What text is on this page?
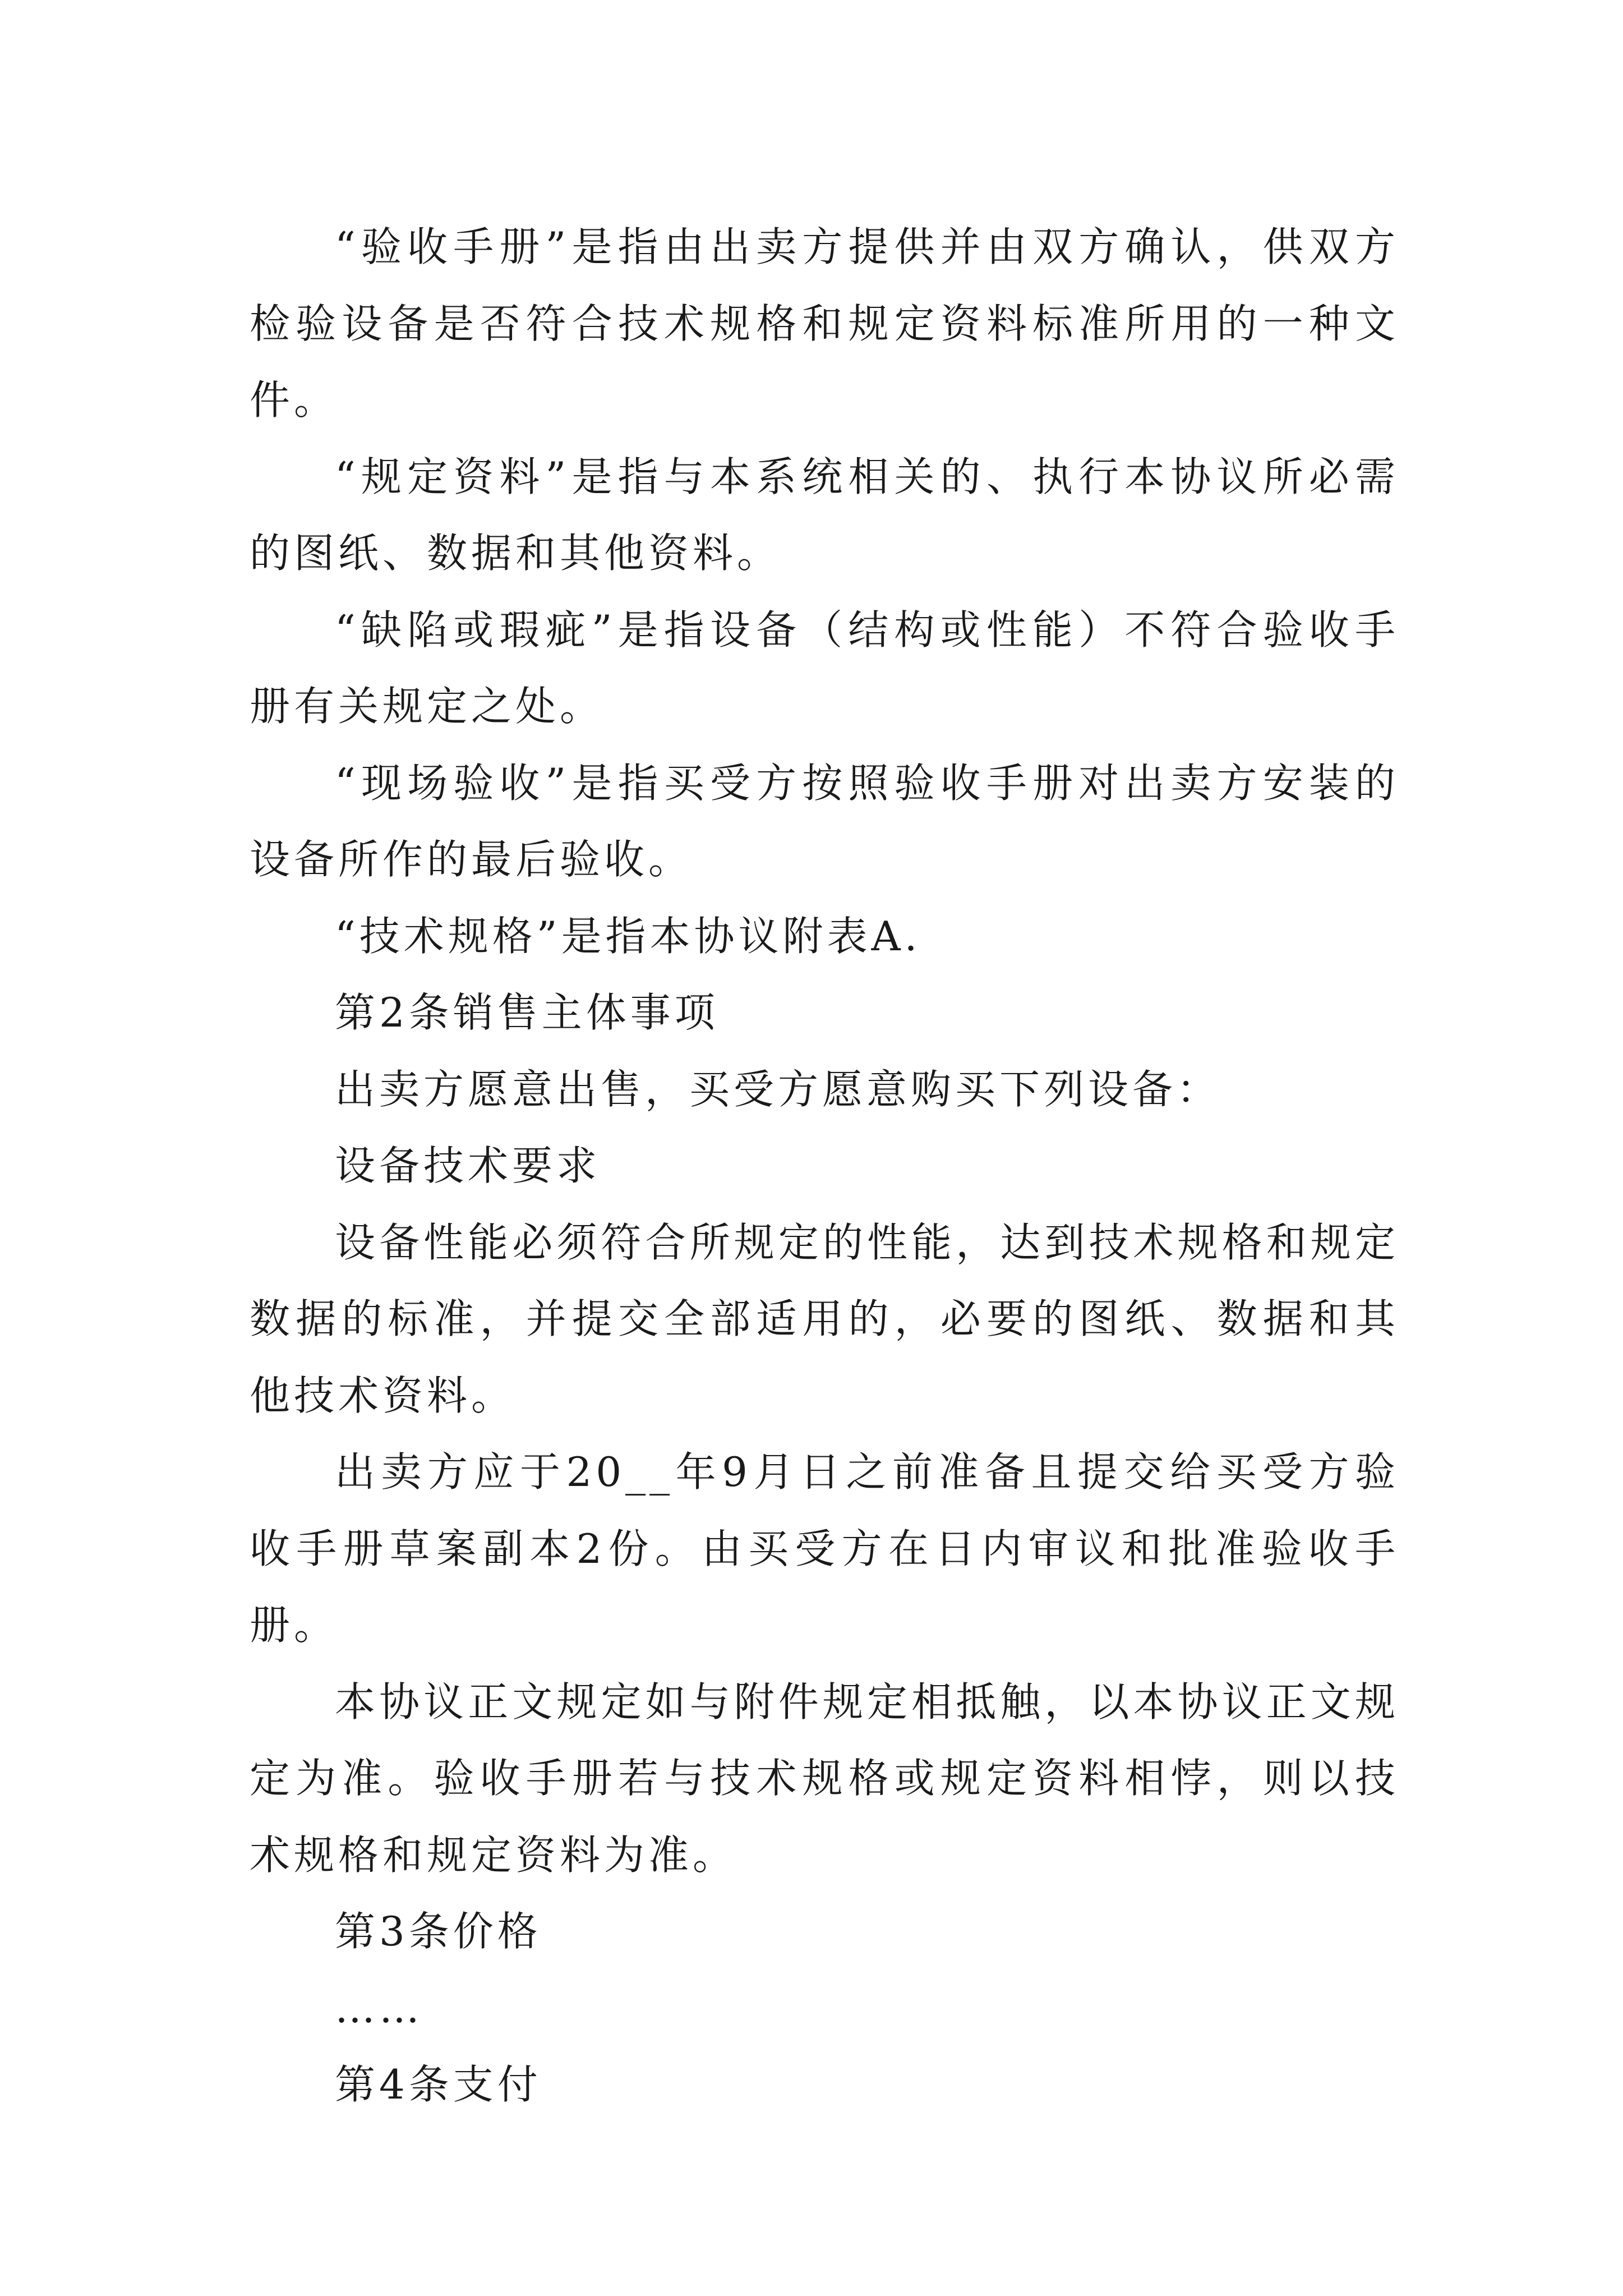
“验收手册”是指由出卖方提供并由双方确认，供双方检验设备是否符合技术规格和规定资料标准所用的一种文件。

“规定资料”是指与本系统相关的、执行本协议所必需的图纸、数据和其他资料。

“缺陷或瑕疵”是指设备（结构或性能）不符合验收手册有关规定之处。

“现场验收”是指买受方按照验收手册对出卖方安装的设备所作的最后验收。

“技术规格”是指本协议附表A.

第2条销售主体事项

出卖方愿意出售，买受方愿意购买下列设备：

设备技术要求

设备性能必须符合所规定的性能，达到技术规格和规定数据的标准，并提交全部适用的，必要的图纸、数据和其他技术资料。

出卖方应于20__年9月日之前准备且提交给买受方验收手册草案副本2份。由买受方在日内审议和批准验收手册。

本协议正文规定如与附件规定相抵触，以本协议正文规定为准。验收手册若与技术规格或规定资料相悖，则以技术规格和规定资料为准。

第3条价格

……

第4条支付
